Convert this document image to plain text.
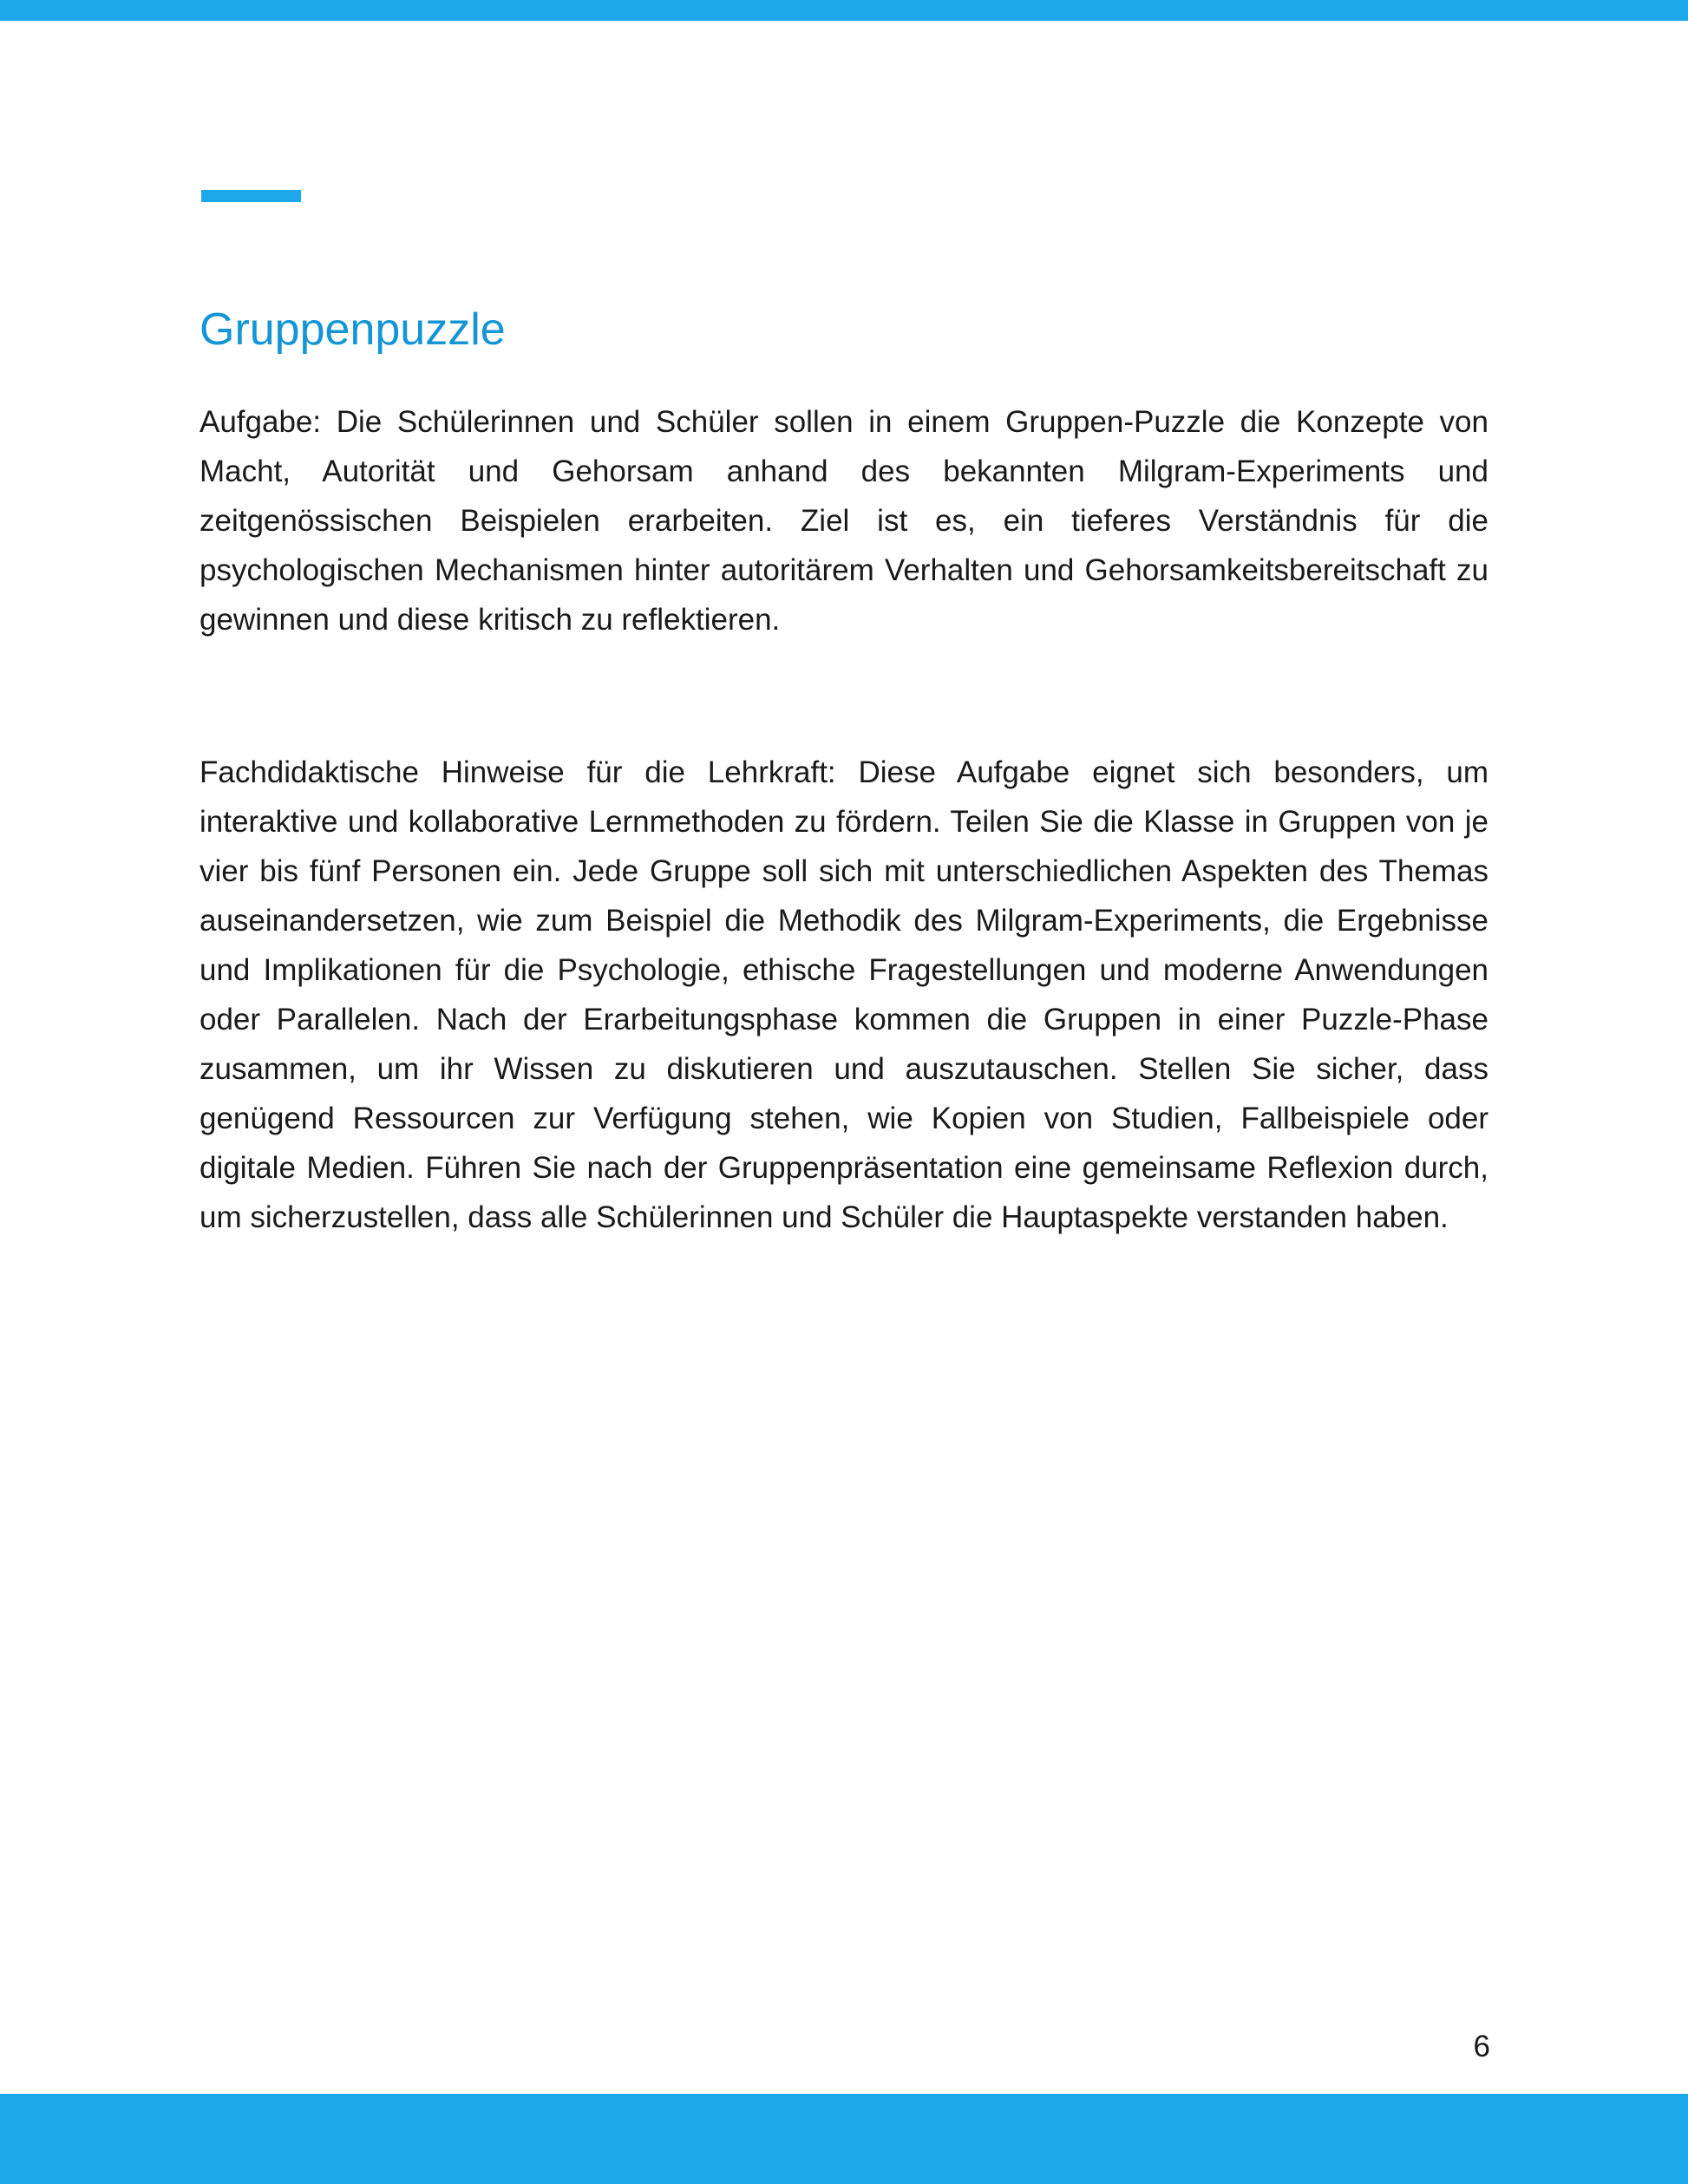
Gruppenpuzzle

Aufgabe: Die Schülerinnen und Schüler sollen in einem Gruppen-Puzzle die Konzepte von Macht, Autorität und Gehorsam anhand des bekannten Milgram-Experiments und zeitgenössischen Beispielen erarbeiten. Ziel ist es, ein tieferes Verständnis für die psychologischen Mechanismen hinter autoritärem Verhalten und Gehorsamkeitsbereitschaft zu gewinnen und diese kritisch zu reflektieren.

Fachdidaktische Hinweise für die Lehrkraft: Diese Aufgabe eignet sich besonders, um interaktive und kollaborative Lernmethoden zu fördern. Teilen Sie die Klasse in Gruppen von je vier bis fünf Personen ein. Jede Gruppe soll sich mit unterschiedlichen Aspekten des Themas auseinandersetzen, wie zum Beispiel die Methodik des Milgram-Experiments, die Ergebnisse und Implikationen für die Psychologie, ethische Fragestellungen und moderne Anwendungen oder Parallelen. Nach der Erarbeitungsphase kommen die Gruppen in einer Puzzle-Phase zusammen, um ihr Wissen zu diskutieren und auszutauschen. Stellen Sie sicher, dass genügend Ressourcen zur Verfügung stehen, wie Kopien von Studien, Fallbeispiele oder digitale Medien. Führen Sie nach der Gruppenpräsentation eine gemeinsame Reflexion durch, um sicherzustellen, dass alle Schülerinnen und Schüler die Hauptaspekte verstanden haben.

6
